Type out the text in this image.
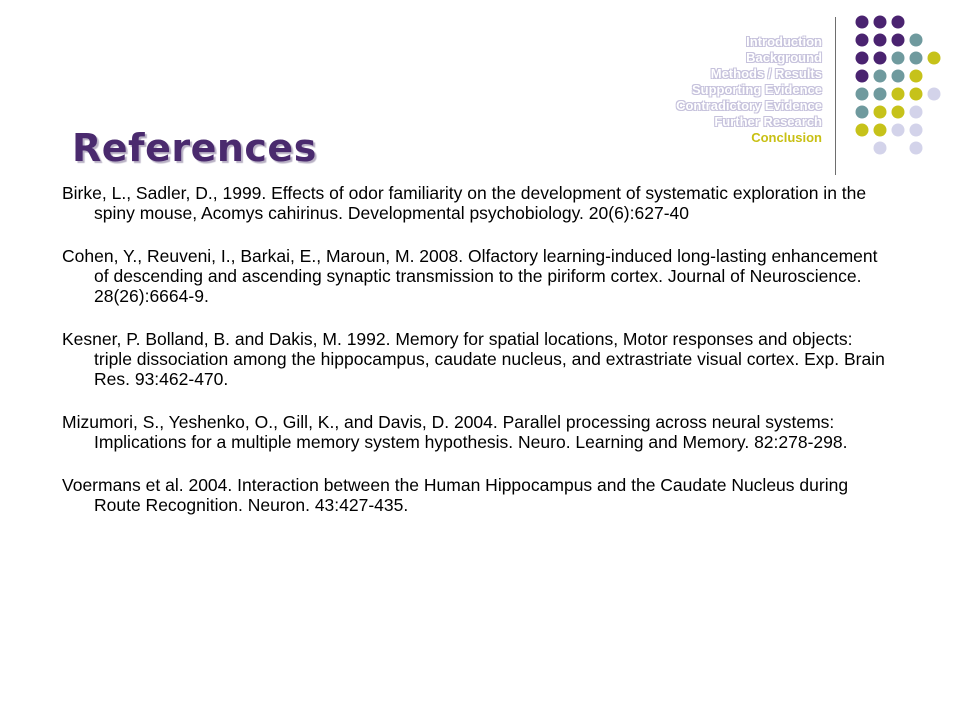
References
Introduction
Background
Methods / Results
Supporting Evidence
Contradictory Evidence
Further Research
Conclusion

Birke, L., Sadler, D., 1999. Effects of odor familiarity on the development of systematic exploration in the spiny mouse, Acomys cahirinus. Developmental psychobiology. 20(6):627-40

Cohen, Y., Reuveni, I., Barkai, E., Maroun, M. 2008. Olfactory learning-induced long-lasting enhancement of descending and ascending synaptic transmission to the piriform cortex. Journal of Neuroscience. 28(26):6664-9.

Kesner, P. Bolland, B. and Dakis, M. 1992. Memory for spatial locations, Motor responses and objects: triple dissociation among the hippocampus, caudate nucleus, and extrastriate visual cortex. Exp. Brain Res. 93:462-470.

Mizumori, S., Yeshenko, O., Gill, K., and Davis, D. 2004. Parallel processing across neural systems: Implications for a multiple memory system hypothesis. Neuro. Learning and Memory. 82:278-298.

Voermans et al. 2004. Interaction between the Human Hippocampus and the Caudate Nucleus during Route Recognition. Neuron. 43:427-435.
